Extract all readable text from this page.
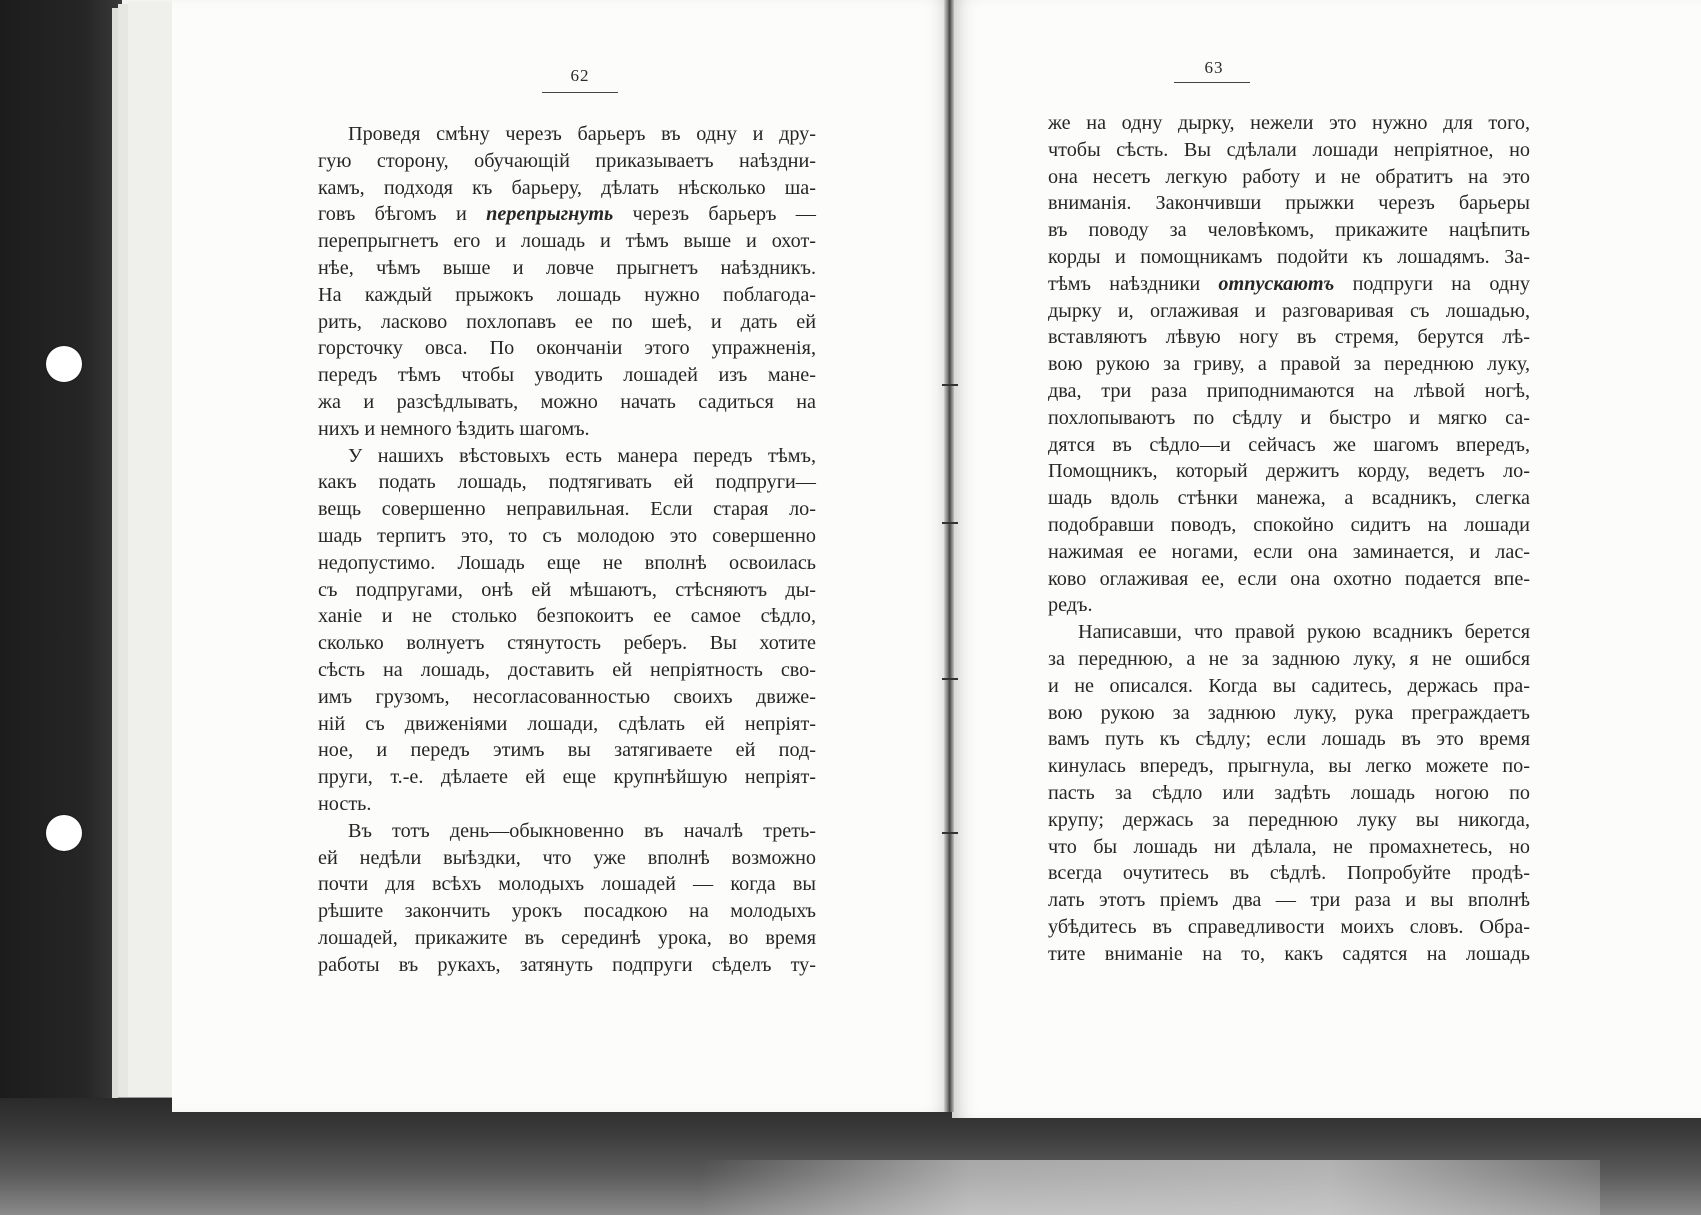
62
Проведя смѣну черезъ барьеръ въ одну и дру-
гую сторону, обучающій приказываетъ наѣздни-
камъ, подходя къ барьеру, дѣлать нѣсколько ша-
говъ бѣгомъ и перепрыгнуть черезъ барьеръ —
перепрыгнетъ его и лошадь и тѣмъ выше и охот-
нѣе, чѣмъ выше и ловче прыгнетъ наѣздникъ.
На каждый прыжокъ лошадь нужно поблагода-
рить, ласково похлопавъ ее по шеѣ, и дать ей
горсточку овса. По окончаніи этого упражненія,
передъ тѣмъ чтобы уводить лошадей изъ мане-
жа и разсѣдлывать, можно начать садиться на
нихъ и немного ѣздить шагомъ.
У нашихъ вѣстовыхъ есть манера передъ тѣмъ,
какъ подать лошадь, подтягивать ей подпруги—
вещь совершенно неправильная. Если старая ло-
шадь терпитъ это, то съ молодою это совершенно
недопустимо. Лошадь еще не вполнѣ освоилась
съ подпругами, онѣ ей мѣшаютъ, стѣсняютъ ды-
ханіе и не столько безпокоитъ ее самое сѣдло,
сколько волнуетъ стянутость реберъ. Вы хотите
сѣсть на лошадь, доставить ей непріятность сво-
имъ грузомъ, несогласованностью своихъ движе-
ній съ движеніями лошади, сдѣлать ей непріят-
ное, и передъ этимъ вы затягиваете ей под-
пруги, т.-е. дѣлаете ей еще крупнѣйшую непріят-
ность.
Въ тотъ день—обыкновенно въ началѣ треть-
ей недѣли выѣздки, что уже вполнѣ возможно
почти для всѣхъ молодыхъ лошадей — когда вы
рѣшите закончить урокъ посадкою на молодыхъ
лошадей, прикажите въ серединѣ урока, во время
работы въ рукахъ, затянуть подпруги сѣделъ ту-
63
же на одну дырку, нежели это нужно для того,
чтобы сѣсть. Вы сдѣлали лошади непріятное, но
она несетъ легкую работу и не обратитъ на это
вниманія. Закончивши прыжки черезъ барьеры
въ поводу за человѣкомъ, прикажите нацѣпить
корды и помощникамъ подойти къ лошадямъ. За-
тѣмъ наѣздники отпускаютъ подпруги на одну
дырку и, оглаживая и разговаривая съ лошадью,
вставляютъ лѣвую ногу въ стремя, берутся лѣ-
вою рукою за гриву, а правой за переднюю луку,
два, три раза приподнимаются на лѣвой ногѣ,
похлопываютъ по сѣдлу и быстро и мягко са-
дятся въ сѣдло—и сейчасъ же шагомъ впередъ,
Помощникъ, который держитъ корду, ведетъ ло-
шадь вдоль стѣнки манежа, а всадникъ, слегка
подобравши поводъ, спокойно сидитъ на лошади
нажимая ее ногами, если она заминается, и лас-
ково оглаживая ее, если она охотно подается впе-
редъ.
Написавши, что правой рукою всадникъ берется
за переднюю, а не за заднюю луку, я не ошибся
и не описался. Когда вы садитесь, держась пра-
вою рукою за заднюю луку, рука преграждаетъ
вамъ путь къ сѣдлу; если лошадь въ это время
кинулась впередъ, прыгнула, вы легко можете по-
пасть за сѣдло или задѣть лошадь ногою по
крупу; держась за переднюю луку вы никогда,
что бы лошадь ни дѣлала, не промахнетесь, но
всегда очутитесь въ сѣдлѣ. Попробуйте продѣ-
лать этотъ пріемъ два — три раза и вы вполнѣ
убѣдитесь въ справедливости моихъ словъ. Обра-
тите вниманіе на то, какъ садятся на лошадь
